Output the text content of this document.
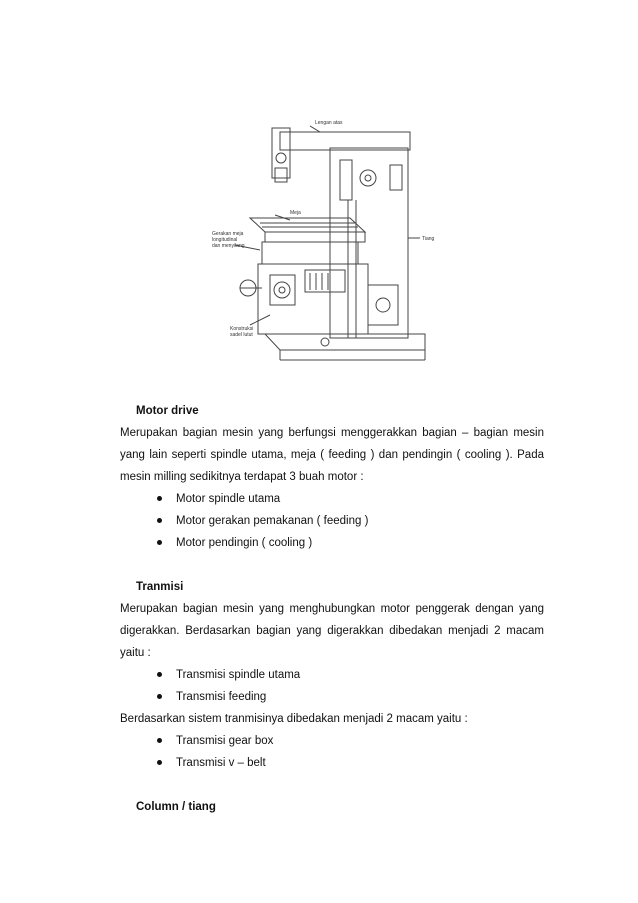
Lengan atas
Meja
Gerakan meja
longitudinal
dan menyilang
Tiang
Konstruksi
sadel lutut

Motor drive

Merupakan bagian mesin yang berfungsi menggerakkan bagian – bagian mesin yang lain seperti spindle utama, meja ( feeding ) dan pendingin ( cooling ). Pada mesin milling sedikitnya terdapat 3 buah motor :

Motor spindle utama
Motor gerakan pemakanan ( feeding )
Motor pendingin ( cooling )

Tranmisi

Merupakan bagian mesin yang menghubungkan motor penggerak dengan yang digerakkan. Berdasarkan bagian yang digerakkan dibedakan menjadi 2 macam yaitu :

Transmisi spindle utama
Transmisi feeding

Berdasarkan sistem tranmisinya dibedakan menjadi 2 macam yaitu :

Transmisi gear box
Transmisi v – belt

Column / tiang
